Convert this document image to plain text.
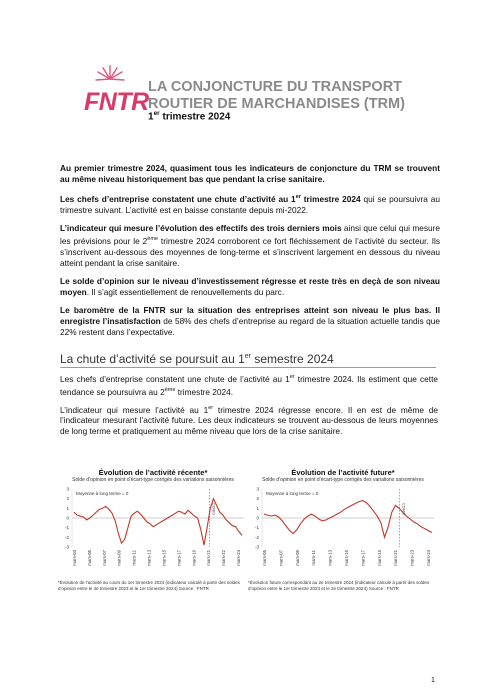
FNTR
LA CONJONCTURE DU TRANSPORT ROUTIER DE MARCHANDISES (TRM)
1er trimestre 2024

Au premier trimestre 2024, quasiment tous les indicateurs de conjoncture du TRM se trouvent au même niveau historiquement bas que pendant la crise sanitaire.

Les chefs d’entreprise constatent une chute d’activité au 1er trimestre 2024 qui se poursuivra au trimestre suivant. L’activité est en baisse constante depuis mi-2022.

L’indicateur qui mesure l’évolution des effectifs des trois derniers mois ainsi que celui qui mesure les prévisions pour le 2ème trimestre 2024 corroborent ce fort fléchissement de l’activité du secteur. Ils s’inscrivent au-dessous des moyennes de long-terme et s’inscrivent largement en dessous du niveau atteint pendant la crise sanitaire.

Le solde d’opinion sur le niveau d’investissement régresse et reste très en deçà de son niveau moyen. Il s’agit essentiellement de renouvellements du parc.

Le baromètre de la FNTR sur la situation des entreprises atteint son niveau le plus bas. Il enregistre l’insatisfaction de 58% des chefs d’entreprise au regard de la situation actuelle tandis que 22% restent dans l’expectative.

La chute d’activité se poursuit au 1er semestre 2024

Les chefs d’entreprise constatent une chute de l’activité au 1er trimestre 2024. Ils estiment que cette tendance se poursuivra au 2ème trimestre 2024.

L’indicateur qui mesure l’activité au 1er trimestre 2024 régresse encore. Il en est de même de l’indicateur mesurant l’activité future. Les deux indicateurs se trouvent au-dessous de leurs moyennes de long terme et pratiquement au même niveau que lors de la crise sanitaire.

Évolution de l’activité récente*
Solde d’opinion en point d’écart-type corrigés des variations saisonnières
3
2
1
0
-1
-2
-3
Moyenne à long terme = 0
COVID
mars-03 mars-05 mars-07 mars-09 mars-11 mars-13 mars-15 mars-17 mars-19 mars-21 mars-22 mars-24
*Évolution de l’activité au cours du 1er trimestre 2024 (indicateur calculé à partir des soldes d’opinion entre le 4e trimestre 2023 et le 1er trimestre 2024) Source : FNTR
Évolution de l’activité future*
Solde d’opinion en point d’écart-type corrigés des variations saisonnières
3
2
1
0
-1
-2
-3
Moyenne à long terme = 0
COVID
mars-05	mars-07	mars-09	mars-11	mars-13	mars-15	mars-17	mars-19	mars-21	mars-23	mars-24
*Évolution future correspondant au 2e trimestre 2024 (indicateur calculé à partir des soldes d’opinion entre le 1er trimestre 2023 et le 2e trimestre 2024) Source : FNTR
1
